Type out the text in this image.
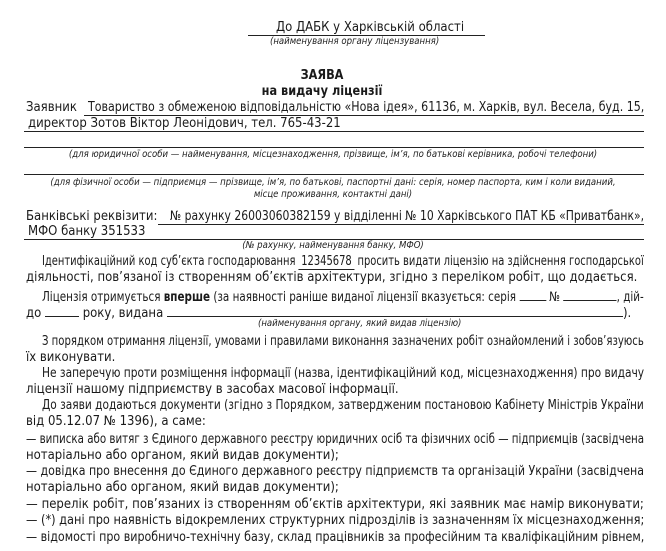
До ДАБК у Харківській області
(найменування органу ліцензування)
ЗАЯВА
на видачу ліцензії
Заявник Товариство з обмеженою відповідальністю «Нова ідея», 61136, м. Харків, вул. Весела, буд. 15,
директор Зотов Віктор Леонідович, тел. 765-43-21
(для юридичної особи — найменування, місцезнаходження, прізвище, ім’я, по батькові керівника, робочі телефони)
(для фізичної особи — підприємця — прізвище, ім’я, по батькові, паспортні дані: серія, номер паспорта, ким і коли виданий,
місце проживання, контактні дані)
Банківські реквізити: № рахунку 26003060382159 у відділенні № 10 Харківського ПАТ КБ «Приватбанк»,
МФО банку 351533
(№ рахунку, найменування банку, МФО)
Ідентифікаційний код суб’єкта господарювання 12345678 просить видати ліцензію на здійснення господарської
діяльності, пов’язаної із створенням об’єктів архітектури, згідно з переліком робіт, що додається.
Ліцензія отримується вперше (за наявності раніше виданої ліцензії вказується: серія	№	, дій-
до	року, видана	).
(найменування органу, який видав ліцензію)
З порядком отримання ліцензії, умовами і правилами виконання зазначених робіт ознайомлений і зобов’язуюсь
їх виконувати.
Не заперечую проти розміщення інформації (назва, ідентифікаційний код, місцезнаходження) про видачу
ліцензії нашому підприємству в засобах масової інформації.
До заяви додаються документи (згідно з Порядком, затвердженим постановою Кабінету Міністрів України
від 05.12.07 № 1396), а саме:
— виписка або витяг з Єдиного державного реєстру юридичних осіб та фізичних осіб — підприємців (засвідчена
нотаріально або органом, який видав документи);
— довідка про внесення до Єдиного державного реєстру підприємств та організацій України (засвідчена
нотаріально або органом, який видав документи);
— перелік робіт, пов’язаних із створенням об’єктів архітектури, які заявник має намір виконувати;
— (*) дані про наявність відокремлених структурних підрозділів із зазначенням їх місцезнаходження;
— відомості про виробничо-технічну базу, склад працівників за професійним та кваліфікаційним рівнем,
